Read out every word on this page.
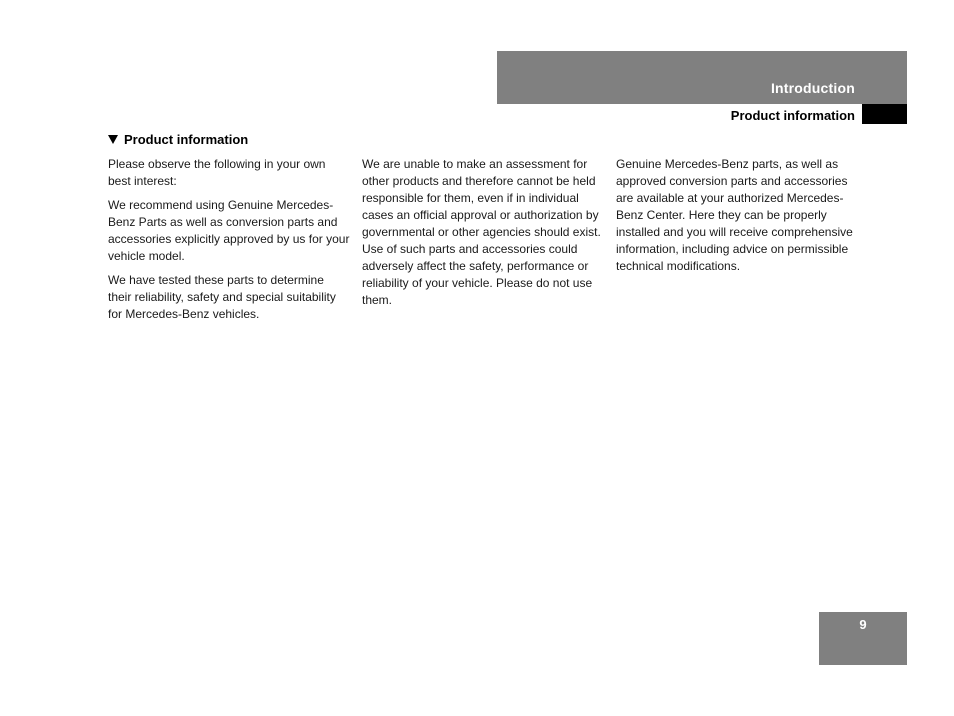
Introduction
Product information
Product information

Please observe the following in your own best interest:

We recommend using Genuine Mercedes-Benz Parts as well as conversion parts and accessories explicitly approved by us for your vehicle model.

We have tested these parts to determine their reliability, safety and special suitability for Mercedes-Benz vehicles.

We are unable to make an assessment for other products and therefore cannot be held responsible for them, even if in individual cases an official approval or authorization by governmental or other agencies should exist. Use of such parts and accessories could adversely affect the safety, performance or reliability of your vehicle. Please do not use them.

Genuine Mercedes-Benz parts, as well as approved conversion parts and accessories are available at your authorized Mercedes-Benz Center. Here they can be properly installed and you will receive comprehensive information, including advice on permissible technical modifications.

9
